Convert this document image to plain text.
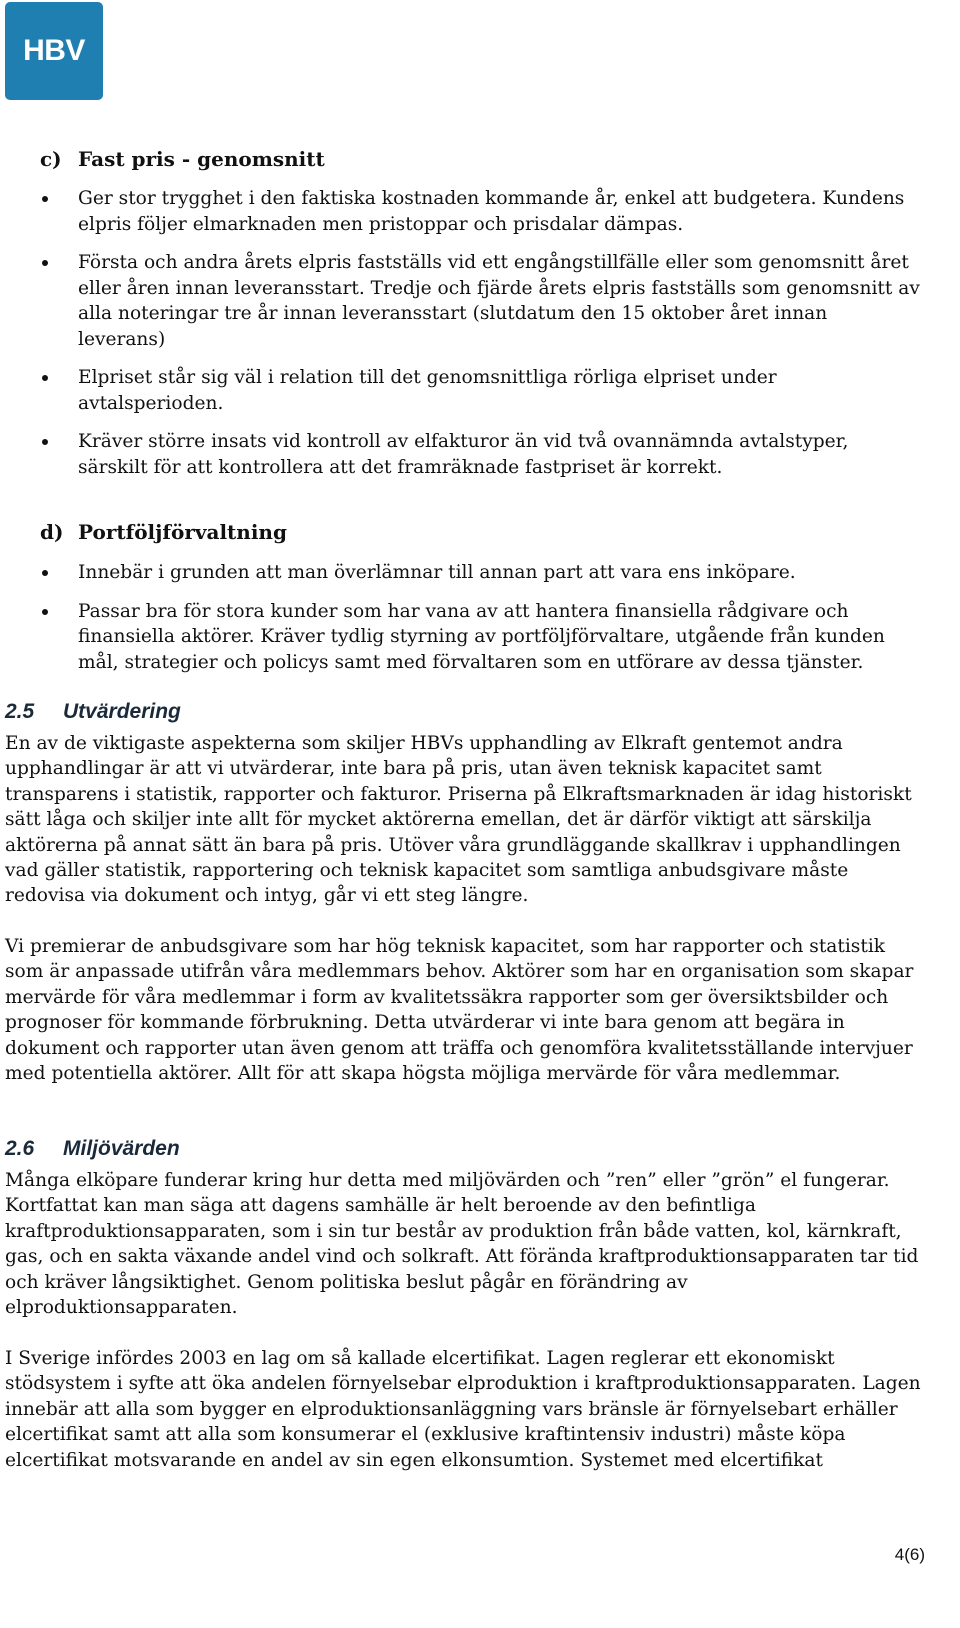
HBV
c) Fast pris - genomsnitt
Ger stor trygghet i den faktiska kostnaden kommande år, enkel att budgetera. Kundens elpris följer elmarknaden men pristoppar och prisdalar dämpas.
Första och andra årets elpris fastställs vid ett engångstillfälle eller som genomsnitt året eller åren innan leveransstart. Tredje och fjärde årets elpris fastställs som genomsnitt av alla noteringar tre år innan leveransstart (slutdatum den 15 oktober året innan leverans)
Elpriset står sig väl i relation till det genomsnittliga rörliga elpriset under avtalsperioden.
Kräver större insats vid kontroll av elfakturor än vid två ovannämnda avtalstyper, särskilt för att kontrollera att det framräknade fastpriset är korrekt.
d) Portföljförvaltning
Innebär i grunden att man överlämnar till annan part att vara ens inköpare.
Passar bra för stora kunder som har vana av att hantera finansiella rådgivare och finansiella aktörer. Kräver tydlig styrning av portföljförvaltare, utgående från kunden mål, strategier och policys samt med förvaltaren som en utförare av dessa tjänster.
2.5 Utvärdering

En av de viktigaste aspekterna som skiljer HBVs upphandling av Elkraft gentemot andra upphandlingar är att vi utvärderar, inte bara på pris, utan även teknisk kapacitet samt transparens i statistik, rapporter och fakturor. Priserna på Elkraftsmarknaden är idag historiskt sätt låga och skiljer inte allt för mycket aktörerna emellan, det är därför viktigt att särskilja aktörerna på annat sätt än bara på pris. Utöver våra grundläggande skallkrav i upphandlingen vad gäller statistik, rapportering och teknisk kapacitet som samtliga anbudsgivare måste redovisa via dokument och intyg, går vi ett steg längre.

Vi premierar de anbudsgivare som har hög teknisk kapacitet, som har rapporter och statistik som är anpassade utifrån våra medlemmars behov. Aktörer som har en organisation som skapar mervärde för våra medlemmar i form av kvalitetssäkra rapporter som ger översiktsbilder och prognoser för kommande förbrukning. Detta utvärderar vi inte bara genom att begära in dokument och rapporter utan även genom att träffa och genomföra kvalitetsställande intervjuer med potentiella aktörer. Allt för att skapa högsta möjliga mervärde för våra medlemmar.

2.6 Miljövärden

Många elköpare funderar kring hur detta med miljövärden och ”ren” eller ”grön” el fungerar. Kortfattat kan man säga att dagens samhälle är helt beroende av den befintliga kraftproduktionsapparaten, som i sin tur består av produktion från både vatten, kol, kärnkraft, gas, och en sakta växande andel vind och solkraft. Att förända kraftproduktionsapparaten tar tid och kräver långsiktighet. Genom politiska beslut pågår en förändring av elproduktionsapparaten.

I Sverige infördes 2003 en lag om så kallade elcertifikat. Lagen reglerar ett ekonomiskt stödsystem i syfte att öka andelen förnyelsebar elproduktion i kraftproduktionsapparaten. Lagen innebär att alla som bygger en elproduktionsanläggning vars bränsle är förnyelsebart erhäller elcertifikat samt att alla som konsumerar el (exklusive kraftintensiv industri) måste köpa elcertifikat motsvarande en andel av sin egen elkonsumtion. Systemet med elcertifikat

4(6)
